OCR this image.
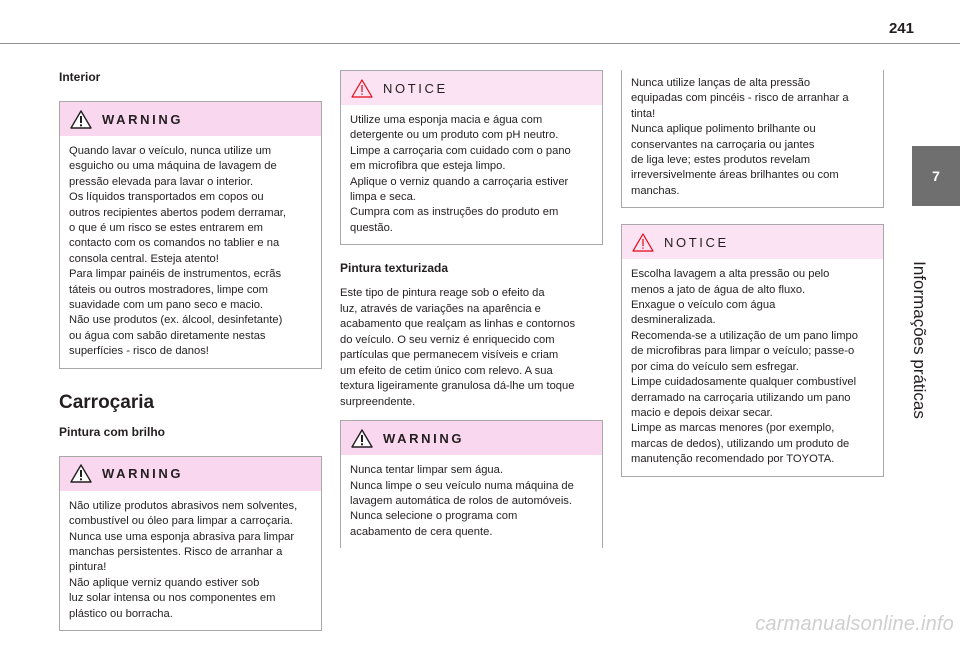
241
7
Informações práticas
Interior
WARNING
Quando lavar o veículo, nunca utilize um
esguicho ou uma máquina de lavagem de
pressão elevada para lavar o interior.
Os líquidos transportados em copos ou
outros recipientes abertos podem derramar,
o que é um risco se estes entrarem em
contacto com os comandos no tablier e na
consola central. Esteja atento!
Para limpar painéis de instrumentos, ecrãs
táteis ou outros mostradores, limpe com
suavidade com um pano seco e macio.
Não use produtos (ex. álcool, desinfetante)
ou água com sabão diretamente nestas
superfícies - risco de danos!
Carroçaria
Pintura com brilho
WARNING
Não utilize produtos abrasivos nem solventes,
combustível ou óleo para limpar a carroçaria.
Nunca use uma esponja abrasiva para limpar
manchas persistentes. Risco de arranhar a
pintura!
Não aplique verniz quando estiver sob
luz solar intensa ou nos componentes em
plástico ou borracha.
NOTICE
Utilize uma esponja macia e água com
detergente ou um produto com pH neutro.
Limpe a carroçaria com cuidado com o pano
em microfibra que esteja limpo.
Aplique o verniz quando a carroçaria estiver
limpa e seca.
Cumpra com as instruções do produto em
questão.
Pintura texturizada

Este tipo de pintura reage sob o efeito da
luz, através de variações na aparência e
acabamento que realçam as linhas e contornos
do veículo. O seu verniz é enriquecido com
partículas que permanecem visíveis e criam
um efeito de cetim único com relevo. A sua
textura ligeiramente granulosa dá-lhe um toque
surpreendente.

WARNING
Nunca tentar limpar sem água.
Nunca limpe o seu veículo numa máquina de
lavagem automática de rolos de automóveis.
Nunca selecione o programa com
acabamento de cera quente.
Nunca utilize lanças de alta pressão
equipadas com pincéis - risco de arranhar a
tinta!
Nunca aplique polimento brilhante ou
conservantes na carroçaria ou jantes
de liga leve; estes produtos revelam
irreversivelmente áreas brilhantes ou com
manchas.
NOTICE
Escolha lavagem a alta pressão ou pelo
menos a jato de água de alto fluxo.
Enxague o veículo com água
desmineralizada.
Recomenda-se a utilização de um pano limpo
de microfibras para limpar o veículo; passe-o
por cima do veículo sem esfregar.
Limpe cuidadosamente qualquer combustível
derramado na carroçaria utilizando um pano
macio e depois deixar secar.
Limpe as marcas menores (por exemplo,
marcas de dedos), utilizando um produto de
manutenção recomendado por TOYOTA.
carmanualsonline.info
